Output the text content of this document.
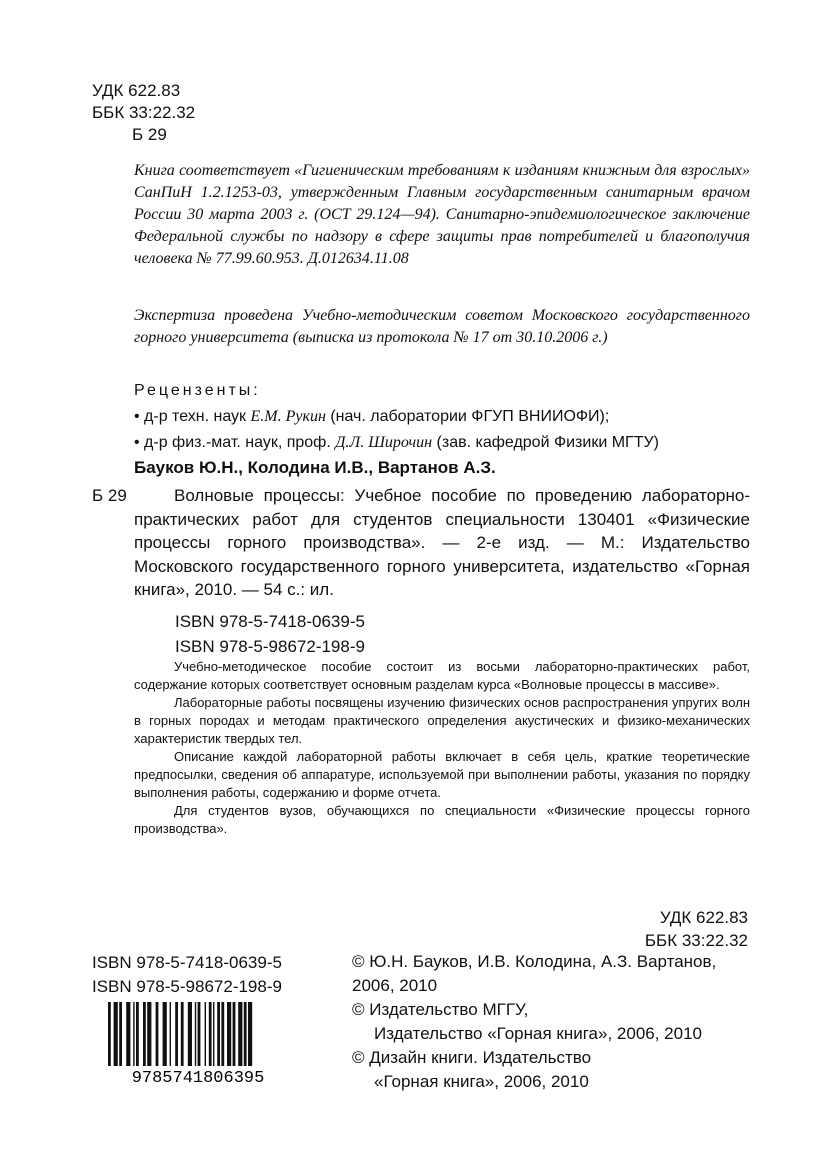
УДК 622.83
ББК 33:22.32
Б 29
Книга соответствует «Гигиеническим требованиям к изданиям книжным для взрослых» СанПиН 1.2.1253-03, утвержденным Главным государственным санитарным врачом России 30 марта 2003 г. (ОСТ 29.124—94). Санитарно-эпидемиологическое заключение Федеральной службы по надзору в сфере защиты прав потребителей и благополучия человека № 77.99.60.953. Д.012634.11.08
Экспертиза проведена Учебно-методическим советом Московского государственного горного университета (выписка из протокола № 17 от 30.10.2006 г.)
Рецензенты:
• д-р техн. наук Е.М. Рукин (нач. лаборатории ФГУП ВНИИОФИ);
• д-р физ.-мат. наук, проф. Д.Л. Широчин (зав. кафедрой Физики МГТУ)
Бауков Ю.Н., Колодина И.В., Вартанов А.З.
Б 29	Волновые процессы: Учебное пособие по проведению лабораторно-практических работ для студентов специальности 130401 «Физические процессы горного производства». — 2-е изд. — М.: Издательство Московского государственного горного университета, издательство «Горная книга», 2010. — 54 с.: ил.
ISBN 978-5-7418-0639-5
ISBN 978-5-98672-198-9

Учебно-методическое пособие состоит из восьми лабораторно-практических работ, содержание которых соответствует основным разделам курса «Волновые процессы в массиве».

Лабораторные работы посвящены изучению физических основ распространения упругих волн в горных породах и методам практического определения акустических и физико-механических характеристик твердых тел.

Описание каждой лабораторной работы включает в себя цель, краткие теоретические предпосылки, сведения об аппаратуре, используемой при выполнении работы, указания по порядку выполнения работы, содержанию и форме отчета.

Для студентов вузов, обучающихся по специальности «Физические процессы горного производства».

УДК 622.83
ББК 33:22.32
ISBN 978-5-7418-0639-5
ISBN 978-5-98672-198-9
© Ю.Н. Бауков, И.В. Колодина, А.З. Вартанов, 2006, 2010
© Издательство МГГУ,
Издательство «Горная книга», 2006, 2010
© Дизайн книги. Издательство
«Горная книга», 2006, 2010
9785741806395
